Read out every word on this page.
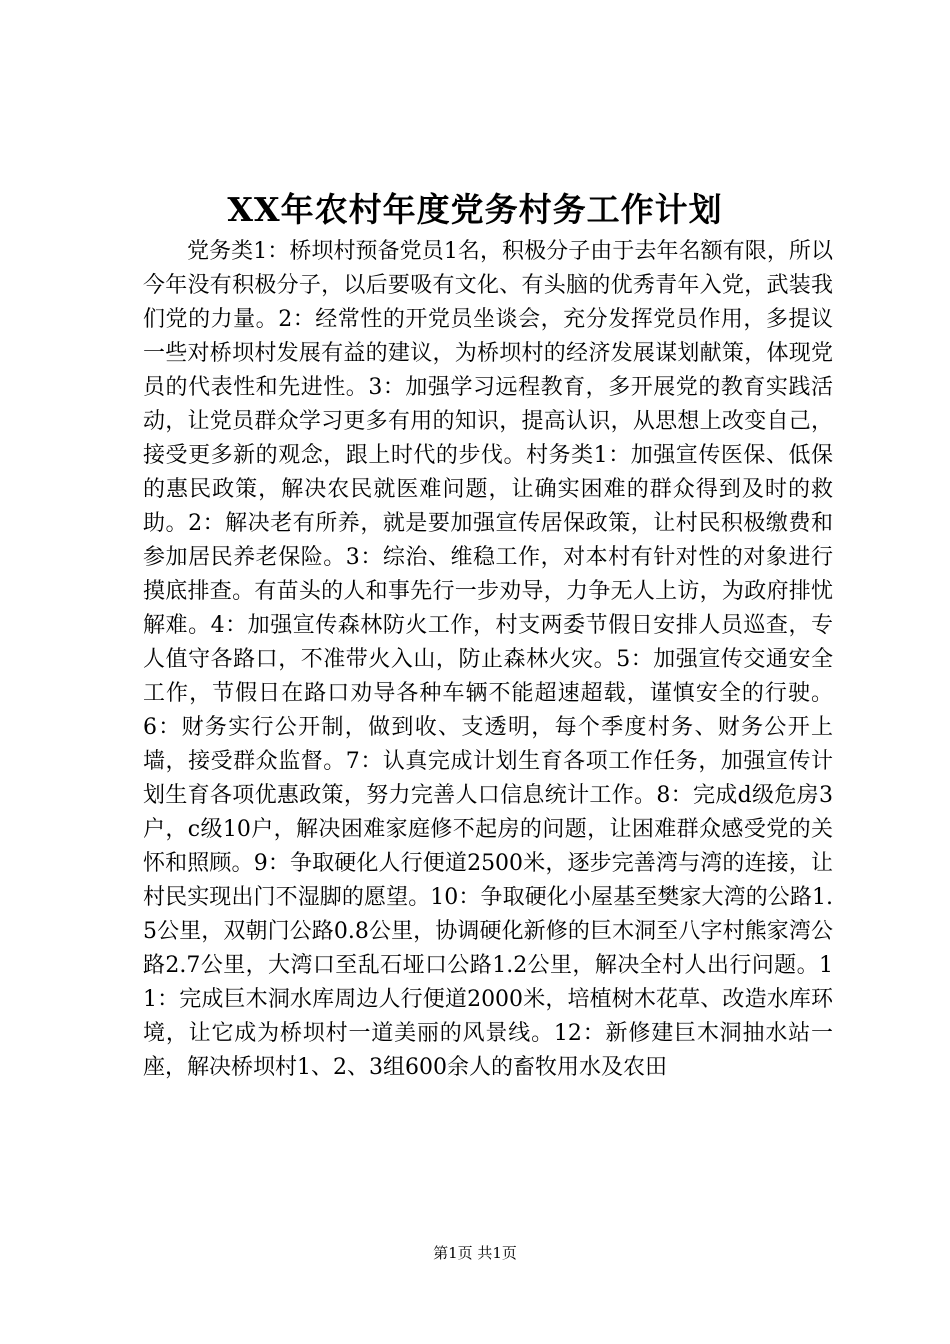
XX年农村年度党务村务工作计划

党务类1：桥坝村预备党员1名，积极分子由于去年名额有限，所以今年没有积极分子，以后要吸有文化、有头脑的优秀青年入党，武装我们党的力量。2：经常性的开党员坐谈会，充分发挥党员作用，多提议一些对桥坝村发展有益的建议，为桥坝村的经济发展谋划献策，体现党员的代表性和先进性。3：加强学习远程教育，多开展党的教育实践活动，让党员群众学习更多有用的知识，提高认识，从思想上改变自己，接受更多新的观念，跟上时代的步伐。村务类1：加强宣传医保、低保的惠民政策，解决农民就医难问题，让确实困难的群众得到及时的救助。2：解决老有所养，就是要加强宣传居保政策，让村民积极缴费和参加居民养老保险。3：综治、维稳工作，对本村有针对性的对象进行摸底排查。有苗头的人和事先行一步劝导，力争无人上访，为政府排忧解难。4：加强宣传森林防火工作，村支两委节假日安排人员巡查，专人值守各路口，不准带火入山，防止森林火灾。5：加强宣传交通安全工作，节假日在路口劝导各种车辆不能超速超载，谨慎安全的行驶。6：财务实行公开制，做到收、支透明，每个季度村务、财务公开上墙，接受群众监督。7：认真完成计划生育各项工作任务，加强宣传计划生育各项优惠政策，努力完善人口信息统计工作。8：完成d级危房3户，c级10户，解决困难家庭修不起房的问题，让困难群众感受党的关怀和照顾。9：争取硬化人行便道2500米，逐步完善湾与湾的连接，让村民实现出门不湿脚的愿望。10：争取硬化小屋基至樊家大湾的公路1.5公里，双朝门公路0.8公里，协调硬化新修的巨木洞至八字村熊家湾公路2.7公里，大湾口至乱石垭口公路1.2公里，解决全村人出行问题。11：完成巨木洞水库周边人行便道2000米，培植树木花草、改造水库环境，让它成为桥坝村一道美丽的风景线。12：新修建巨木洞抽水站一座，解决桥坝村1、2、3组600余人的畜牧用水及农田

第1页 共1页
